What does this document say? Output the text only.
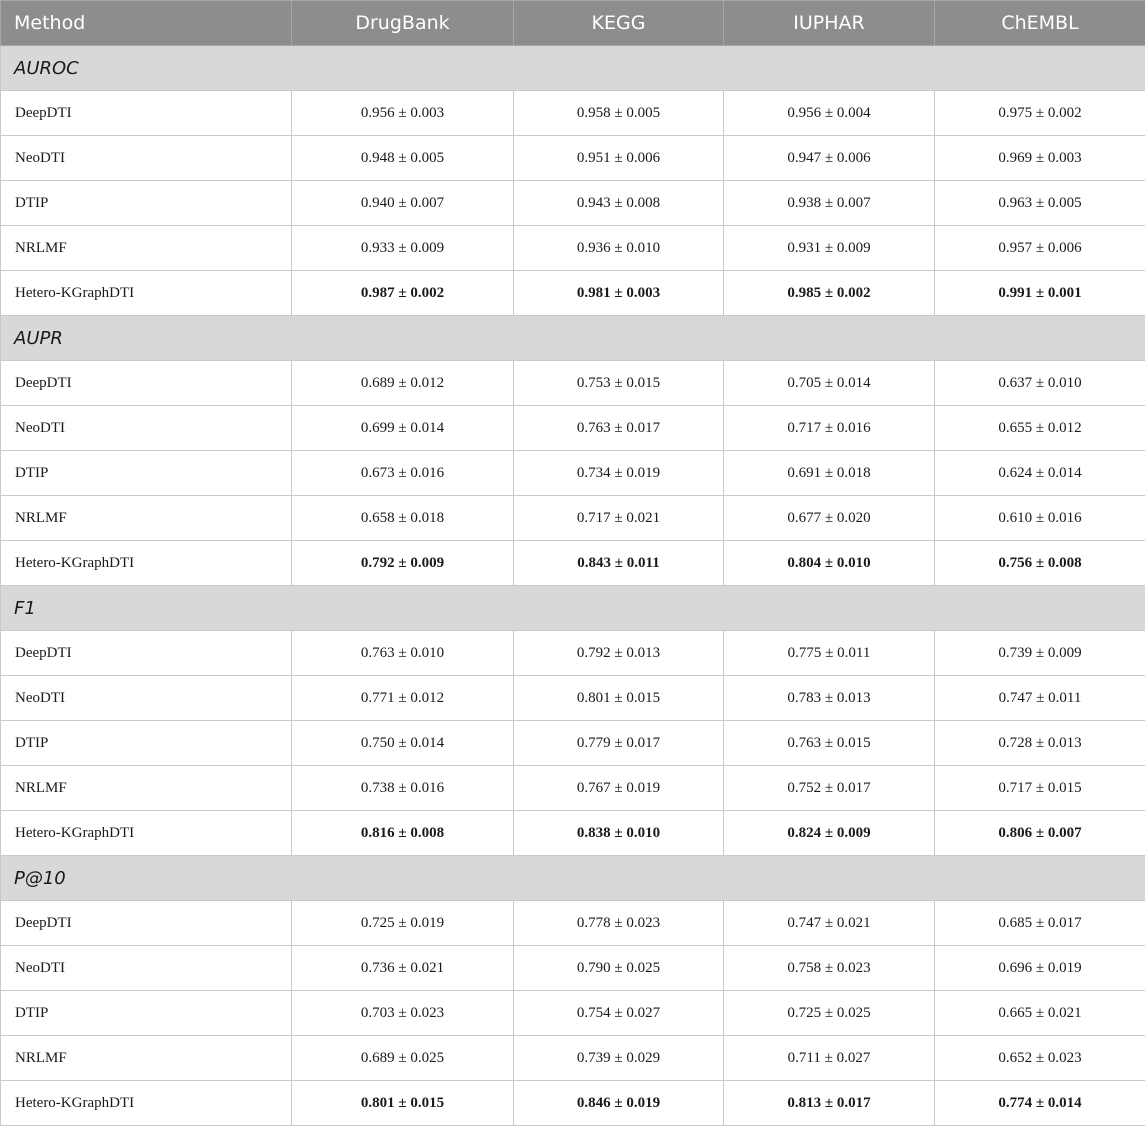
Method	DrugBank	KEGG	IUPHAR	ChEMBL
AUROC				
DeepDTI	0.956 ± 0.003	0.958 ± 0.005	0.956 ± 0.004	0.975 ± 0.002
NeoDTI	0.948 ± 0.005	0.951 ± 0.006	0.947 ± 0.006	0.969 ± 0.003
DTIP	0.940 ± 0.007	0.943 ± 0.008	0.938 ± 0.007	0.963 ± 0.005
NRLMF	0.933 ± 0.009	0.936 ± 0.010	0.931 ± 0.009	0.957 ± 0.006
Hetero-KGraphDTI	0.987 ± 0.002	0.981 ± 0.003	0.985 ± 0.002	0.991 ± 0.001
AUPR				
DeepDTI	0.689 ± 0.012	0.753 ± 0.015	0.705 ± 0.014	0.637 ± 0.010
NeoDTI	0.699 ± 0.014	0.763 ± 0.017	0.717 ± 0.016	0.655 ± 0.012
DTIP	0.673 ± 0.016	0.734 ± 0.019	0.691 ± 0.018	0.624 ± 0.014
NRLMF	0.658 ± 0.018	0.717 ± 0.021	0.677 ± 0.020	0.610 ± 0.016
Hetero-KGraphDTI	0.792 ± 0.009	0.843 ± 0.011	0.804 ± 0.010	0.756 ± 0.008
F1				
DeepDTI	0.763 ± 0.010	0.792 ± 0.013	0.775 ± 0.011	0.739 ± 0.009
NeoDTI	0.771 ± 0.012	0.801 ± 0.015	0.783 ± 0.013	0.747 ± 0.011
DTIP	0.750 ± 0.014	0.779 ± 0.017	0.763 ± 0.015	0.728 ± 0.013
NRLMF	0.738 ± 0.016	0.767 ± 0.019	0.752 ± 0.017	0.717 ± 0.015
Hetero-KGraphDTI	0.816 ± 0.008	0.838 ± 0.010	0.824 ± 0.009	0.806 ± 0.007
P@10				
DeepDTI	0.725 ± 0.019	0.778 ± 0.023	0.747 ± 0.021	0.685 ± 0.017
NeoDTI	0.736 ± 0.021	0.790 ± 0.025	0.758 ± 0.023	0.696 ± 0.019
DTIP	0.703 ± 0.023	0.754 ± 0.027	0.725 ± 0.025	0.665 ± 0.021
NRLMF	0.689 ± 0.025	0.739 ± 0.029	0.711 ± 0.027	0.652 ± 0.023
Hetero-KGraphDTI	0.801 ± 0.015	0.846 ± 0.019	0.813 ± 0.017	0.774 ± 0.014
